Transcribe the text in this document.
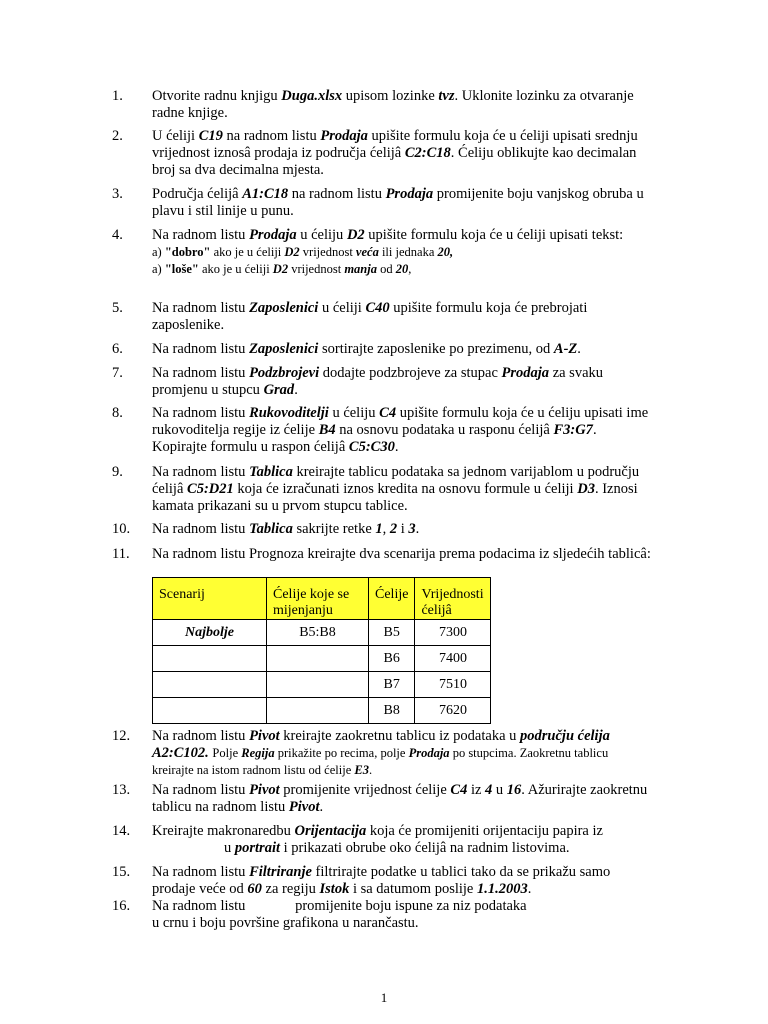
1.	Otvorite radnu knjigu Duga.xlsx upisom lozinke tvz. Uklonite lozinku za otvaranje radne knjige.
2.	U ćeliji C19 na radnom listu Prodaja upišite formulu koja će u ćeliji upisati srednju vrijednost iznosâ prodaja iz područja ćelijâ C2:C18. Ćeliju oblikujte kao decimalan broj sa dva decimalna mjesta.
3.	Područja ćelijâ A1:C18 na radnom listu Prodaja promijenite boju vanjskog obruba u plavu i stil linije u punu.
4.	Na radnom listu Prodaja u ćeliju D2 upišite formulu koja će u ćeliji upisati tekst:
a) "dobro" ako je u ćeliji D2 vrijednost veća ili jednaka 20,
a) "loše" ako je u ćeliji D2 vrijednost manja od 20,
5.	Na radnom listu Zaposlenici u ćeliji C40 upišite formulu koja će prebrojati zaposlenike.
6.	Na radnom listu Zaposlenici sortirajte zaposlenike po prezimenu, od A-Z.
7.	Na radnom listu Podzbrojevi dodajte podzbrojeve za stupac Prodaja za svaku promjenu u stupcu Grad.
8.	Na radnom listu Rukovoditelji u ćeliju C4 upišite formulu koja će u ćeliju upisati ime rukovoditelja regije iz ćelije B4 na osnovu podataka u rasponu ćelijâ F3:G7. Kopirajte formulu u raspon ćelijâ C5:C30.
9.	Na radnom listu Tablica kreirajte tablicu podataka sa jednom varijablom u području ćelijâ C5:D21 koja će izračunati iznos kredita na osnovu formule u ćeliji D3. Iznosi kamata prikazani su u prvom stupcu tablice.
10.	Na radnom listu Tablica sakrijte retke 1, 2 i 3.
11.	Na radnom listu Prognoza kreirajte dva scenarija prema podacima iz sljedećih tablicâ:
Scenarij	Ćelije koje se mijenjanju	Ćelije	Vrijednosti ćelijâ
Najbolje	B5:B8	B5	7300
		B6	7400
		B7	7510
		B8	7620
12.	Na radnom listu Pivot kreirajte zaokretnu tablicu iz podataka u području ćelija A2:C102. Polje Regija prikažite po recima, polje Prodaja po stupcima. Zaokretnu tablicu kreirajte na istom radnom listu od ćelije E3.
13.	Na radnom listu Pivot promijenite vrijednost ćelije C4 iz 4 u 16. Ažurirajte zaokretnu tablicu na radnom listu Pivot.
14.	Kreirajte makronaredbu Orijentacija koja će promijeniti orijentaciju papira iz u portrait i prikazati obrube oko ćelijâ na radnim listovima.
15.	Na radnom listu Filtriranje filtrirajte podatke u tablici tako da se prikažu samo prodaje veće od 60 za regiju Istok i sa datumom poslije 1.1.2003.
16.	Na radnom listu	promijenite boju ispune za niz podataka
u crnu i boju površine grafikona u narančastu.
1
